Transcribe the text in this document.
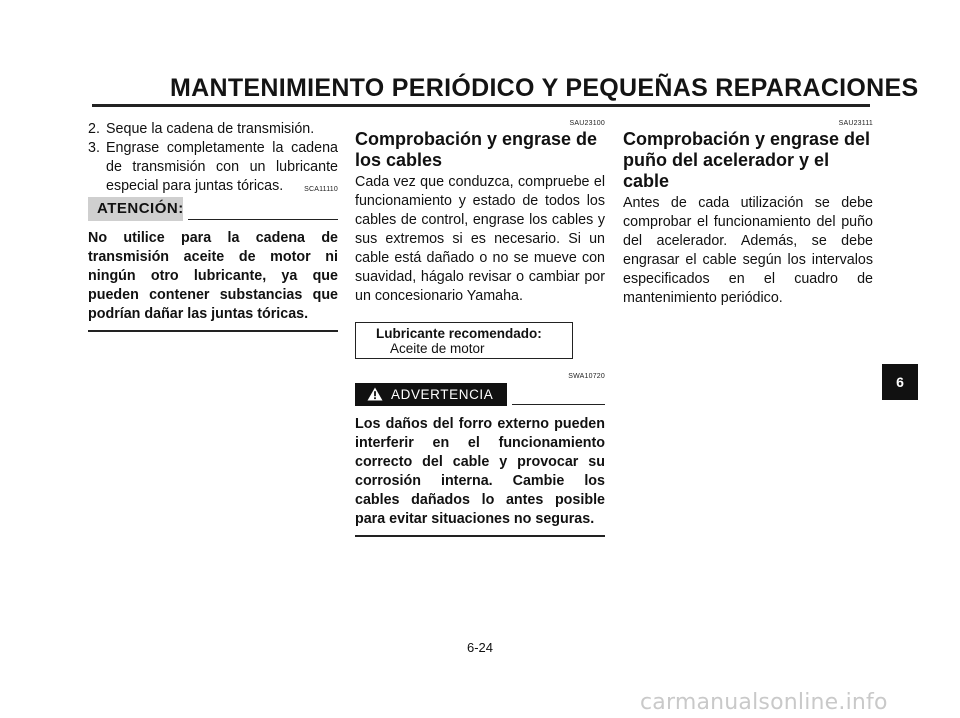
MANTENIMIENTO PERIÓDICO Y PEQUEÑAS REPARACIONES
2. Seque la cadena de transmisión.
3. Engrase completamente la cadena de transmisión con un lubricante especial para juntas tóricas.	SCA11110
ATENCIÓN:
No utilice para la cadena de transmisión aceite de motor ni ningún otro lubricante, ya que pueden contener substancias que podrían dañar las juntas tóricas.
SAU23100
Comprobación y engrase de los cables
Cada vez que conduzca, compruebe el funcionamiento y estado de todos los cables de control, engrase los cables y sus extremos si es necesario. Si un cable está dañado o no se mueve con suavidad, hágalo revisar o cambiar por un concesionario Yamaha.
Lubricante recomendado:
Aceite de motor
SWA10720
ADVERTENCIA
Los daños del forro externo pueden interferir en el funcionamiento correcto del cable y provocar su corrosión interna. Cambie los cables dañados lo antes posible para evitar situaciones no seguras.
SAU23111
Comprobación y engrase del puño del acelerador y el cable
Antes de cada utilización se debe comprobar el funcionamiento del puño del acelerador. Además, se debe engrasar el cable según los intervalos especificados en el cuadro de mantenimiento periódico.
6
6-24
carmanualsonline.info
